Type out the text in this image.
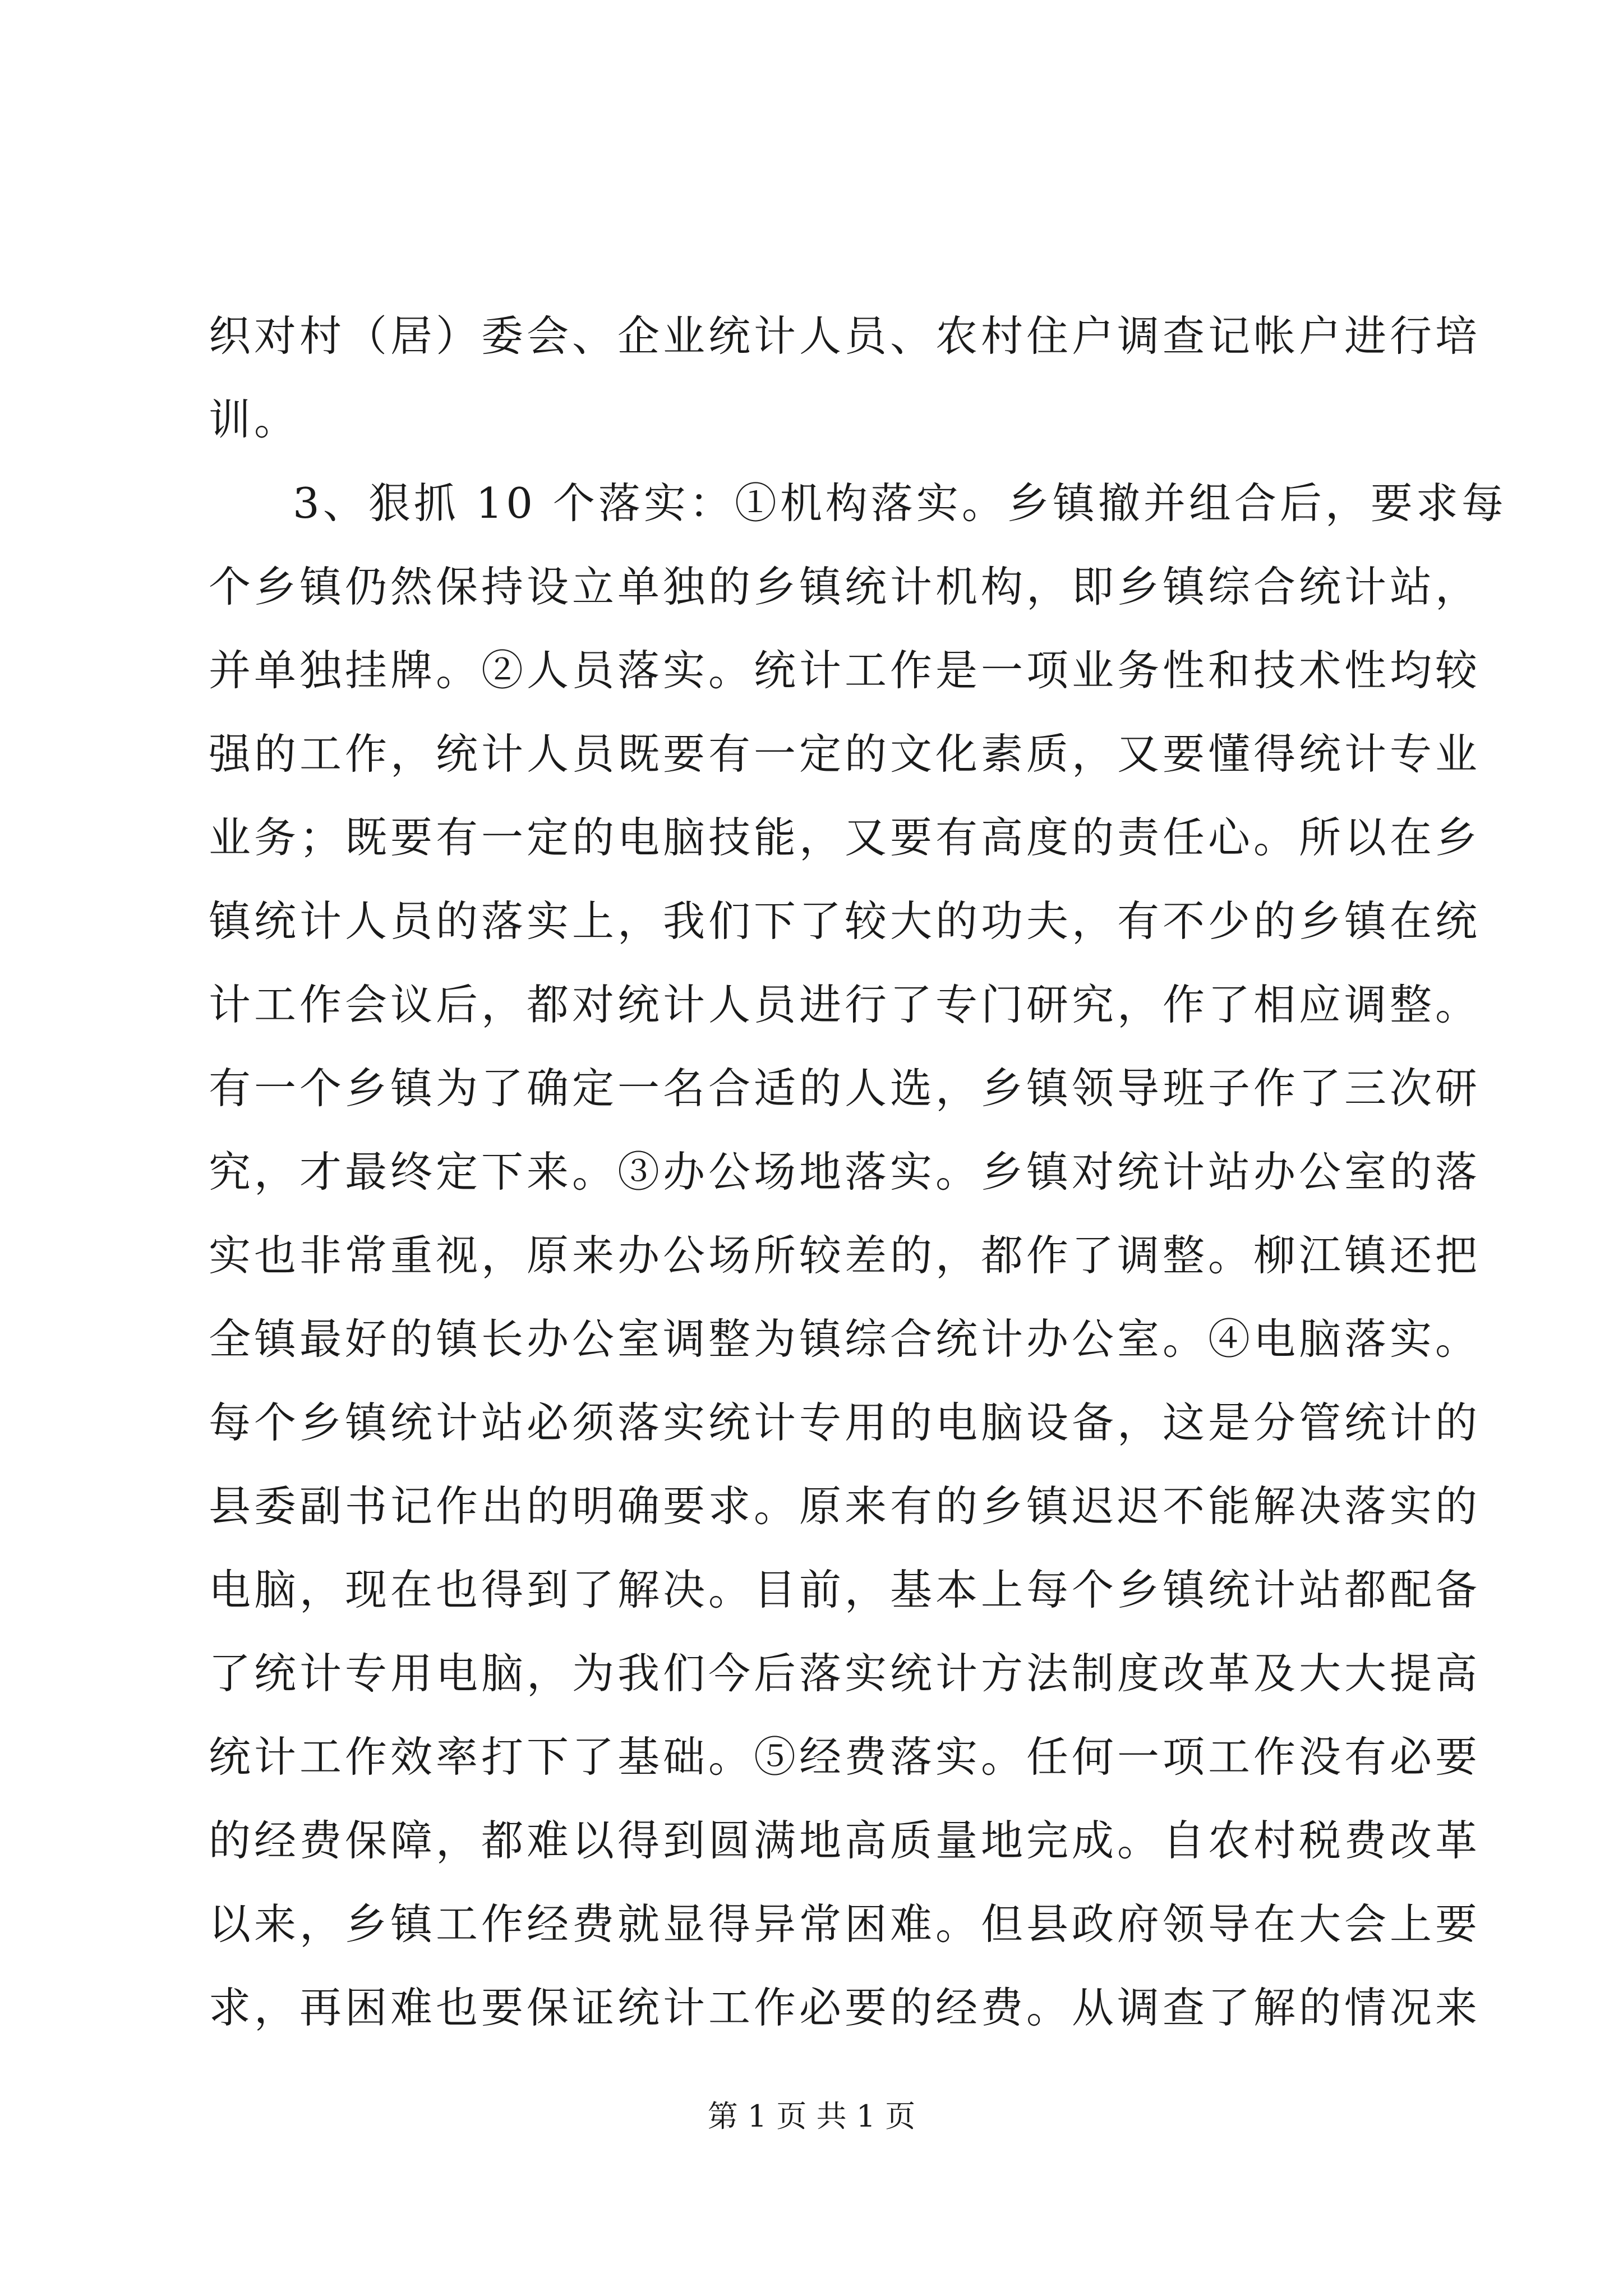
织对村（居）委会、企业统计人员、农村住户调查记帐户进行培
训。
3、狠抓 10 个落实：①机构落实。乡镇撤并组合后，要求每
个乡镇仍然保持设立单独的乡镇统计机构，即乡镇综合统计站，
并单独挂牌。②人员落实。统计工作是一项业务性和技术性均较
强的工作，统计人员既要有一定的文化素质，又要懂得统计专业
业务；既要有一定的电脑技能，又要有高度的责任心。所以在乡
镇统计人员的落实上，我们下了较大的功夫，有不少的乡镇在统
计工作会议后，都对统计人员进行了专门研究，作了相应调整。
有一个乡镇为了确定一名合适的人选，乡镇领导班子作了三次研
究，才最终定下来。③办公场地落实。乡镇对统计站办公室的落
实也非常重视，原来办公场所较差的，都作了调整。柳江镇还把
全镇最好的镇长办公室调整为镇综合统计办公室。④电脑落实。
每个乡镇统计站必须落实统计专用的电脑设备，这是分管统计的
县委副书记作出的明确要求。原来有的乡镇迟迟不能解决落实的
电脑，现在也得到了解决。目前，基本上每个乡镇统计站都配备
了统计专用电脑，为我们今后落实统计方法制度改革及大大提高
统计工作效率打下了基础。⑤经费落实。任何一项工作没有必要
的经费保障，都难以得到圆满地高质量地完成。自农村税费改革
以来，乡镇工作经费就显得异常困难。但县政府领导在大会上要
求，再困难也要保证统计工作必要的经费。从调查了解的情况来
第 1 页 共 1 页
